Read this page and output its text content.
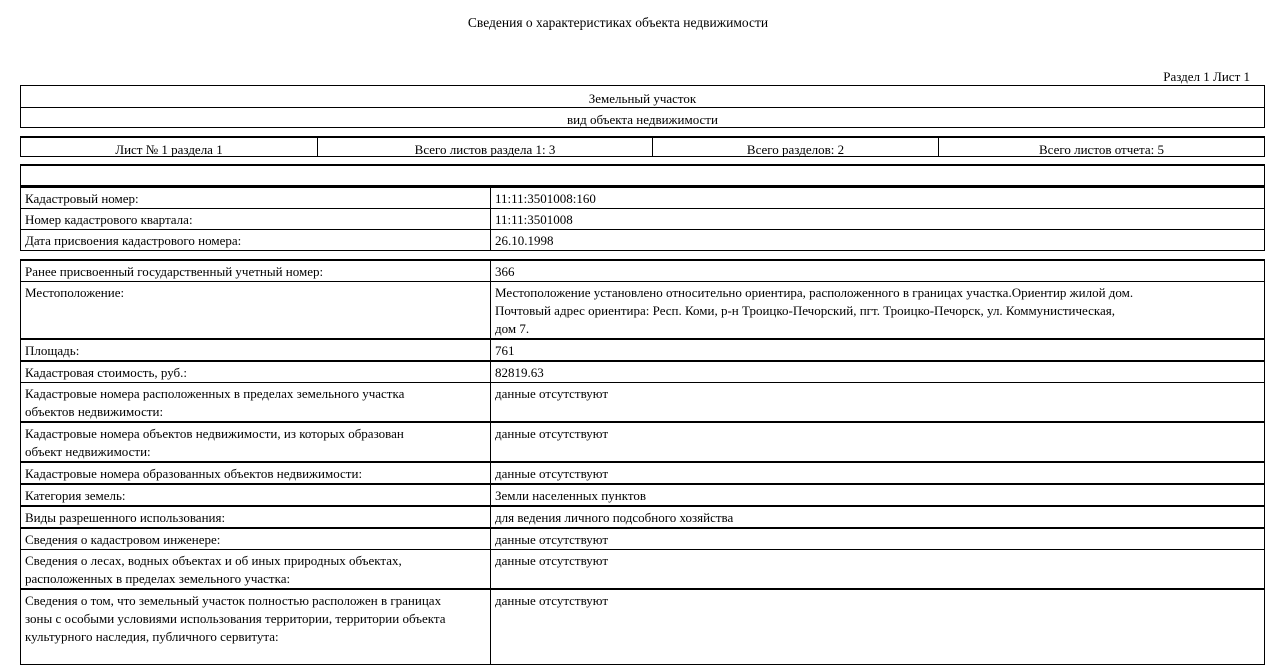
Сведения о характеристиках объекта недвижимости
Раздел 1 Лист 1
Земельный участок
вид объекта недвижимости
Лист № 1 раздела 1	Всего листов раздела 1: 3	Всего разделов: 2	Всего листов отчета: 5
Кадастровый номер:	11:11:3501008:160
Номер кадастрового квартала:	11:11:3501008
Дата присвоения кадастрового номера:	26.10.1998
Ранее присвоенный государственный учетный номер:	366
Местоположение:	Местоположение установлено относительно ориентира, расположенного в границах участка.Ориентир жилой дом. Почтовый адрес ориентира: Респ. Коми, р-н Троицко-Печорский, пгт. Троицко-Печорск, ул. Коммунистическая, дом 7.
Площадь:	761
Кадастровая стоимость, руб.:	82819.63
Кадастровые номера расположенных в пределах земельного участка объектов недвижимости:	данные отсутствуют
Кадастровые номера объектов недвижимости, из которых образован объект недвижимости:	данные отсутствуют
Кадастровые номера образованных объектов недвижимости:	данные отсутствуют
Категория земель:	Земли населенных пунктов
Виды разрешенного использования:	для ведения личного подсобного хозяйства
Сведения о кадастровом инженере:	данные отсутствуют
Сведения о лесах, водных объектах и об иных природных объектах, расположенных в пределах земельного участка:	данные отсутствуют
Сведения о том, что земельный участок полностью расположен в границах зоны с особыми условиями использования территории, территории объекта культурного наследия, публичного сервитута:	данные отсутствуют
